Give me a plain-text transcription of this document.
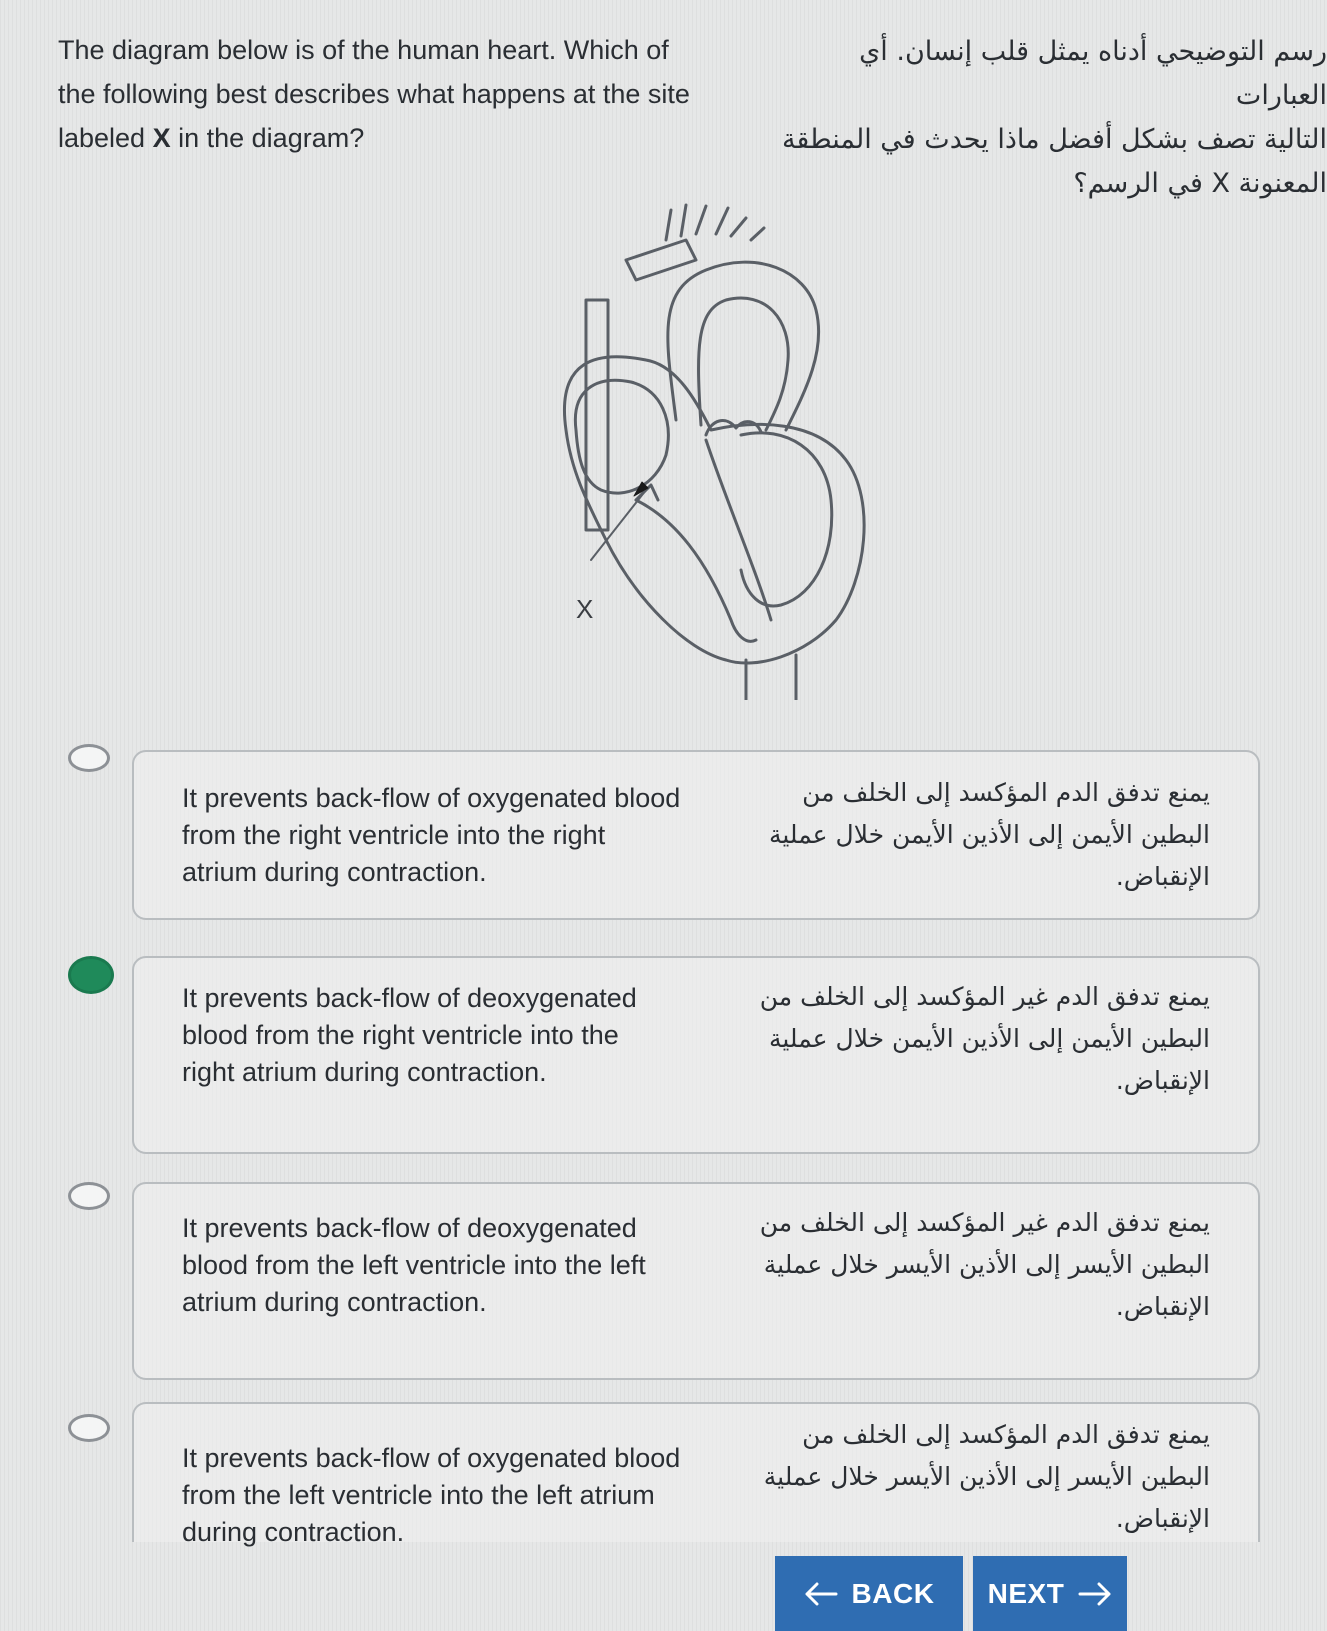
The diagram below is of the human heart. Which of the following best describes what happens at the site labeled X in the diagram?

رسم التوضيحي أدناه يمثل قلب إنسان. أي العبارات
التالية تصف بشكل أفضل ماذا يحدث في المنطقة
المعنونة X في الرسم؟

X

It prevents back-flow of oxygenated blood from the right ventricle into the right atrium during contraction.

يمنع تدفق الدم المؤكسد إلى الخلف من البطين الأيمن إلى الأذين الأيمن خلال عملية الإنقباض.

It prevents back-flow of deoxygenated blood from the right ventricle into the right atrium during contraction.

يمنع تدفق الدم غير المؤكسد إلى الخلف من البطين الأيمن إلى الأذين الأيمن خلال عملية الإنقباض.

It prevents back-flow of deoxygenated blood from the left ventricle into the left atrium during contraction.

يمنع تدفق الدم غير المؤكسد إلى الخلف من البطين الأيسر إلى الأذين الأيسر خلال عملية الإنقباض.

It prevents back-flow of oxygenated blood from the left ventricle into the left atrium during contraction.

يمنع تدفق الدم المؤكسد إلى الخلف من البطين الأيسر إلى الأذين الأيسر خلال عملية الإنقباض.

BACK NEXT
